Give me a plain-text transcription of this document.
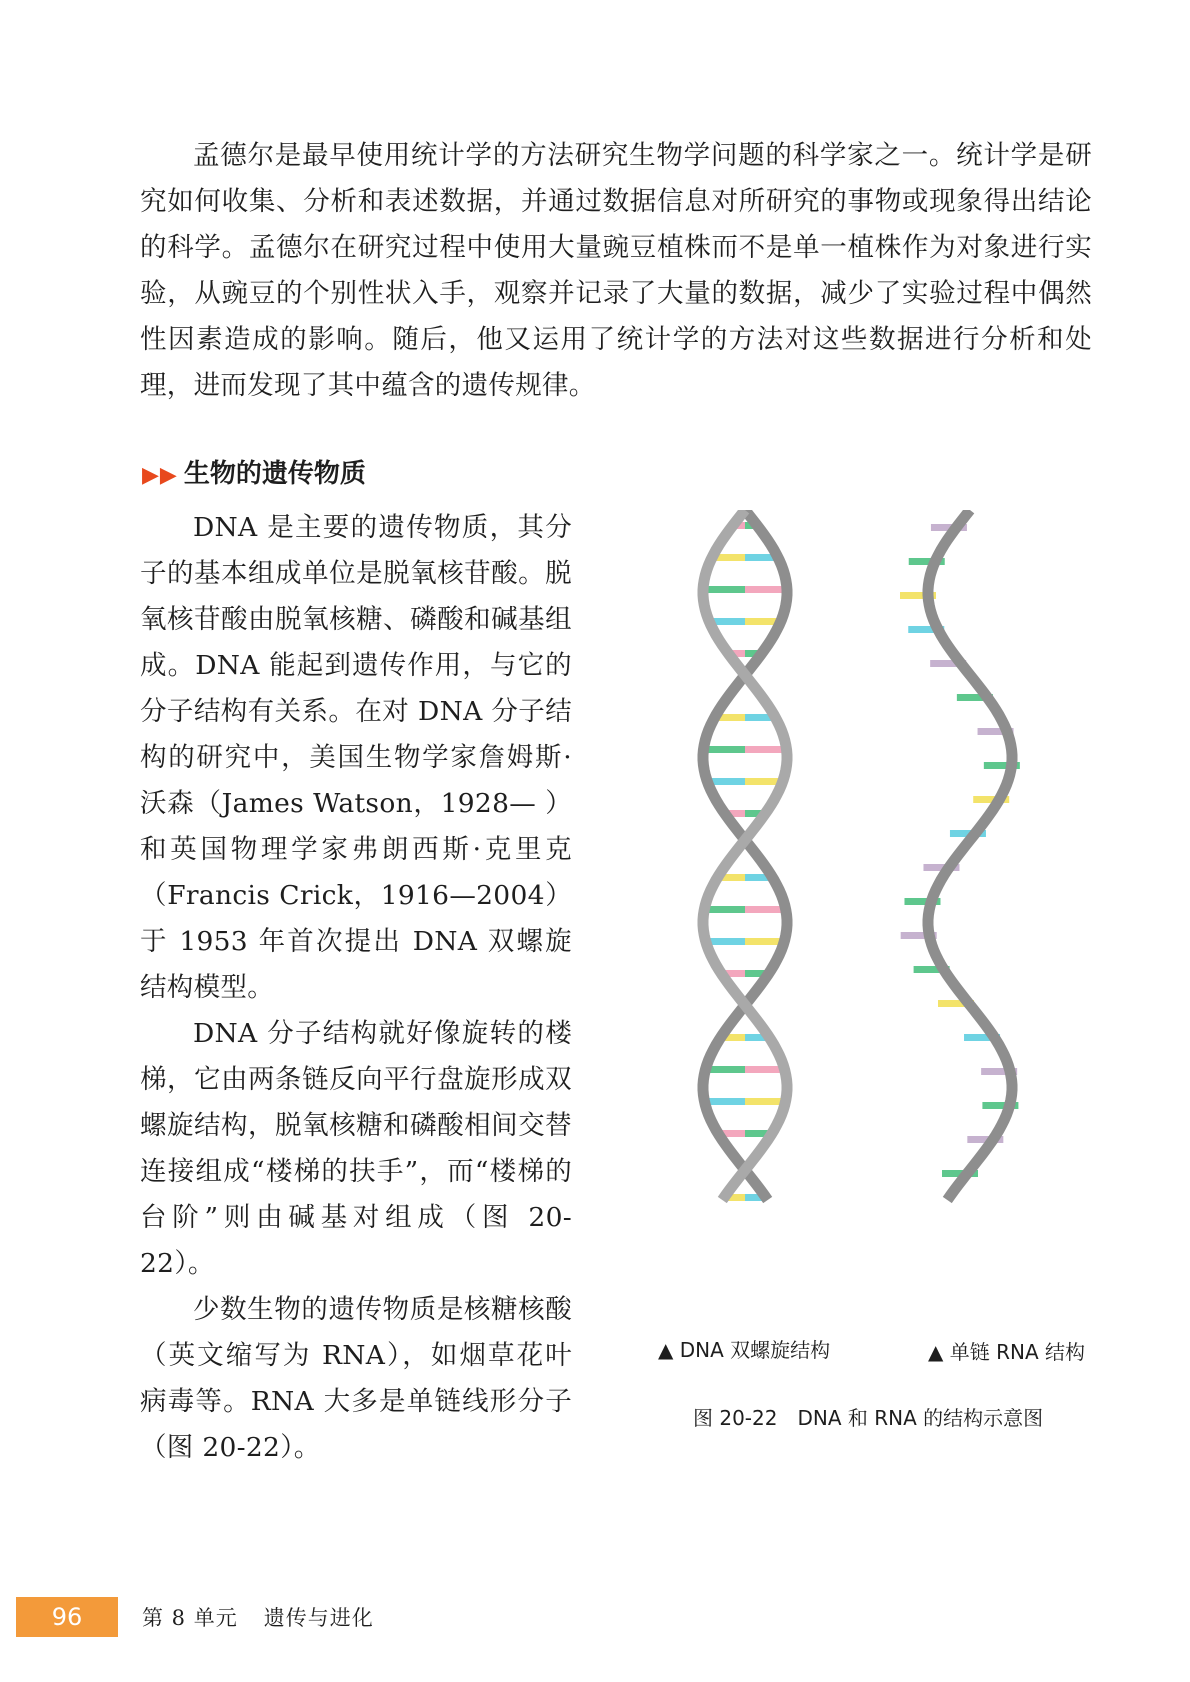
孟德尔是最早使用统计学的方法研究生物学问题的科学家之一。统计学是研究如何收集、分析和表述数据，并通过数据信息对所研究的事物或现象得出结论的科学。孟德尔在研究过程中使用大量豌豆植株而不是单一植株作为对象进行实验，从豌豆的个别性状入手，观察并记录了大量的数据，减少了实验过程中偶然性因素造成的影响。随后，他又运用了统计学的方法对这些数据进行分析和处理，进而发现了其中蕴含的遗传规律。

▶▶ 生物的遗传物质

DNA 是主要的遗传物质，其分子的基本组成单位是脱氧核苷酸。脱氧核苷酸由脱氧核糖、磷酸和碱基组成。DNA 能起到遗传作用，与它的分子结构有关系。在对 DNA 分子结构的研究中，美国生物学家詹姆斯·沃森（James Watson，1928— ）和英国物理学家弗朗西斯·克里克（Francis Crick，1916—2004）于 1953 年首次提出 DNA 双螺旋结构模型。

DNA 分子结构就好像旋转的楼梯，它由两条链反向平行盘旋形成双螺旋结构，脱氧核糖和磷酸相间交替连接组成“楼梯的扶手”，而“楼梯的台阶”则由碱基对组成（图 20-22）。

少数生物的遗传物质是核糖核酸（英文缩写为 RNA），如烟草花叶病毒等。RNA 大多是单链线形分子（图 20-22）。

▲ DNA 双螺旋结构	▲ 单链 RNA 结构
图 20-22　DNA 和 RNA 的结构示意图
96	第 8 单元 遗传与进化
